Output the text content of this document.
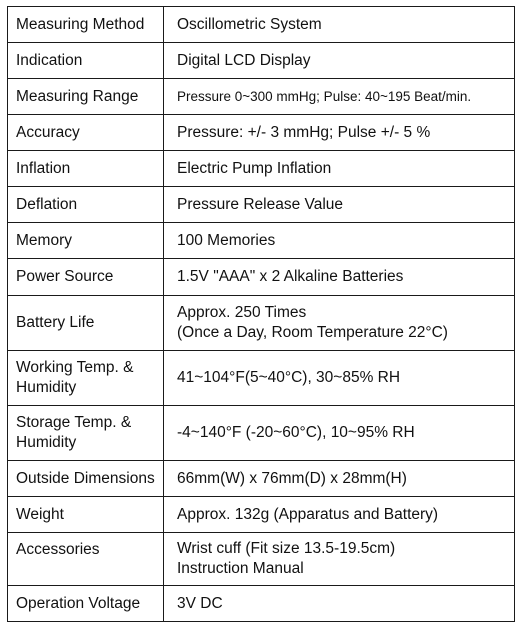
Measuring Method	Oscillometric System
Indication	Digital LCD Display
Measuring Range	Pressure 0~300 mmHg; Pulse: 40~195 Beat/min.
Accuracy	Pressure: +/- 3 mmHg; Pulse +/- 5 %
Inflation	Electric Pump Inflation
Deflation	Pressure Release Value
Memory	100 Memories
Power Source	1.5V "AAA" x 2 Alkaline Batteries
Battery Life	Approx. 250 Times
(Once a Day, Room Temperature 22°C)

Working Temp. &
Humidity	41~104°F(5~40°C), 30~85% RH

Storage Temp. &
Humidity	-4~140°F (-20~60°C), 10~95% RH
Outside Dimensions	66mm(W) x 76mm(D) x 28mm(H)
Weight	Approx. 132g (Apparatus and Battery)
Accessories	Wrist cuff (Fit size 13.5-19.5cm)
Instruction Manual

Operation Voltage	3V DC
